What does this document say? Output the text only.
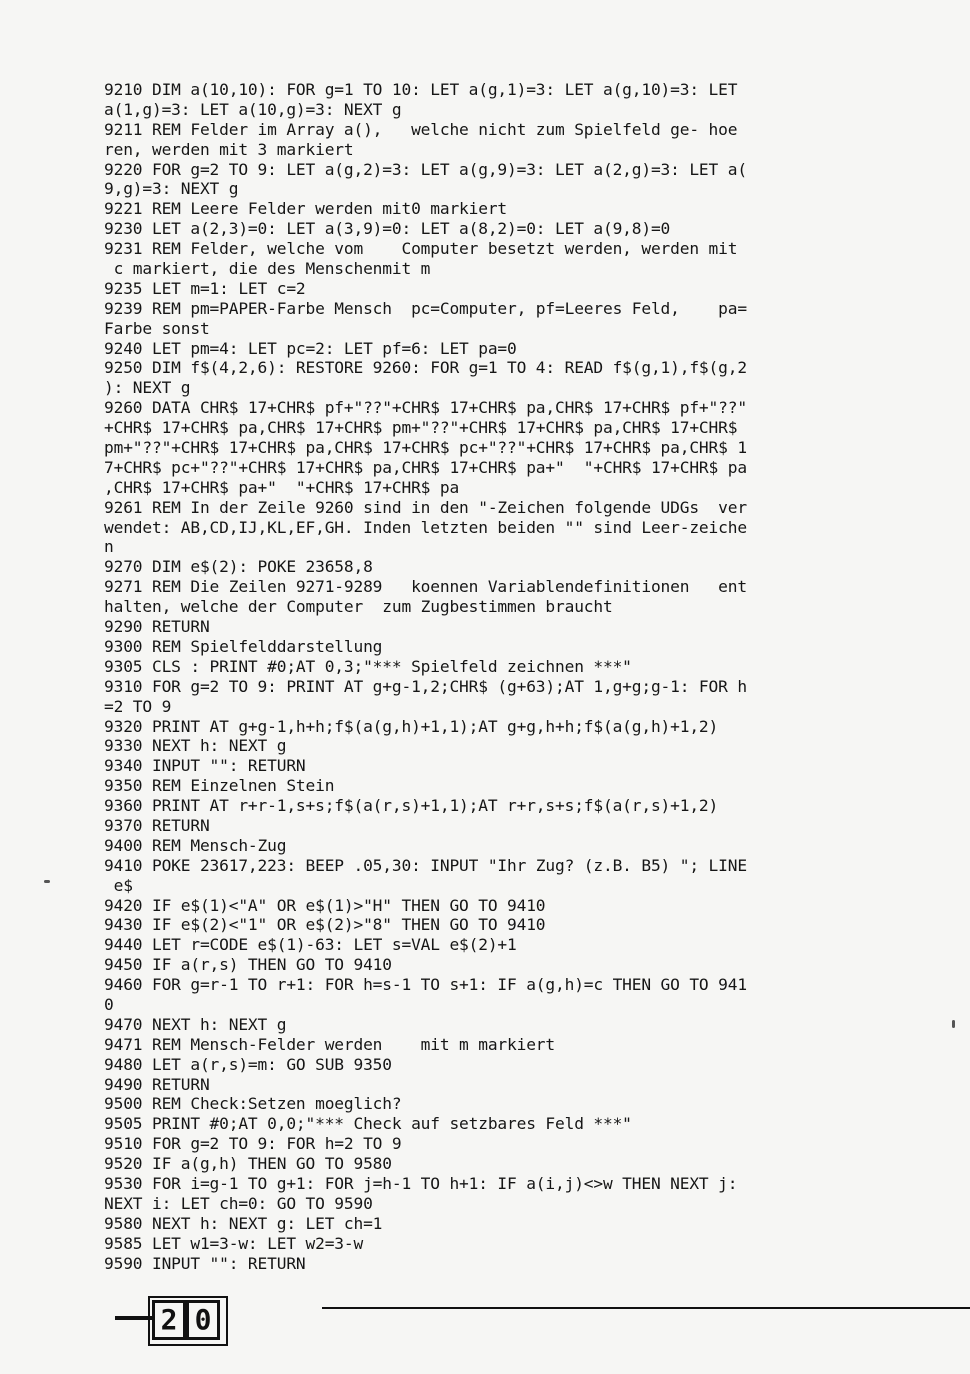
9210 DIM a(10,10): FOR g=1 TO 10: LET a(g,1)=3: LET a(g,10)=3: LET
a(1,g)=3: LET a(10,g)=3: NEXT g
9211 REM Felder im Array a(),   welche nicht zum Spielfeld ge- hoe
ren, werden mit 3 markiert
9220 FOR g=2 TO 9: LET a(g,2)=3: LET a(g,9)=3: LET a(2,g)=3: LET a(
9,g)=3: NEXT g
9221 REM Leere Felder werden mit0 markiert
9230 LET a(2,3)=0: LET a(3,9)=0: LET a(8,2)=0: LET a(9,8)=0
9231 REM Felder, welche vom    Computer besetzt werden, werden mit
c markiert, die des Menschenmit m
9235 LET m=1: LET c=2
9239 REM pm=PAPER-Farbe Mensch  pc=Computer, pf=Leeres Feld,    pa=
Farbe sonst
9240 LET pm=4: LET pc=2: LET pf=6: LET pa=0
9250 DIM f$(4,2,6): RESTORE 9260: FOR g=1 TO 4: READ f$(g,1),f$(g,2
): NEXT g
9260 DATA CHR$ 17+CHR$ pf+"??"+CHR$ 17+CHR$ pa,CHR$ 17+CHR$ pf+"??"
+CHR$ 17+CHR$ pa,CHR$ 17+CHR$ pm+"??"+CHR$ 17+CHR$ pa,CHR$ 17+CHR$
pm+"??"+CHR$ 17+CHR$ pa,CHR$ 17+CHR$ pc+"??"+CHR$ 17+CHR$ pa,CHR$ 1
7+CHR$ pc+"??"+CHR$ 17+CHR$ pa,CHR$ 17+CHR$ pa+"  "+CHR$ 17+CHR$ pa
,CHR$ 17+CHR$ pa+"  "+CHR$ 17+CHR$ pa
9261 REM In der Zeile 9260 sind in den "-Zeichen folgende UDGs  ver
wendet: AB,CD,IJ,KL,EF,GH. Inden letzten beiden "" sind Leer-zeiche
n
9270 DIM e$(2): POKE 23658,8
9271 REM Die Zeilen 9271-9289   koennen Variablendefinitionen   ent
halten, welche der Computer  zum Zugbestimmen braucht
9290 RETURN
9300 REM Spielfelddarstellung
9305 CLS : PRINT #0;AT 0,3;"*** Spielfeld zeichnen ***"
9310 FOR g=2 TO 9: PRINT AT g+g-1,2;CHR$ (g+63);AT 1,g+g;g-1: FOR h
=2 TO 9
9320 PRINT AT g+g-1,h+h;f$(a(g,h)+1,1);AT g+g,h+h;f$(a(g,h)+1,2)
9330 NEXT h: NEXT g
9340 INPUT "": RETURN
9350 REM Einzelnen Stein
9360 PRINT AT r+r-1,s+s;f$(a(r,s)+1,1);AT r+r,s+s;f$(a(r,s)+1,2)
9370 RETURN
9400 REM Mensch-Zug
9410 POKE 23617,223: BEEP .05,30: INPUT "Ihr Zug? (z.B. B5) "; LINE
e$
9420 IF e$(1)<"A" OR e$(1)>"H" THEN GO TO 9410
9430 IF e$(2)<"1" OR e$(2)>"8" THEN GO TO 9410
9440 LET r=CODE e$(1)-63: LET s=VAL e$(2)+1
9450 IF a(r,s) THEN GO TO 9410
9460 FOR g=r-1 TO r+1: FOR h=s-1 TO s+1: IF a(g,h)=c THEN GO TO 941
0
9470 NEXT h: NEXT g
9471 REM Mensch-Felder werden    mit m markiert
9480 LET a(r,s)=m: GO SUB 9350
9490 RETURN
9500 REM Check:Setzen moeglich?
9505 PRINT #0;AT 0,0;"*** Check auf setzbares Feld ***"
9510 FOR g=2 TO 9: FOR h=2 TO 9
9520 IF a(g,h) THEN GO TO 9580
9530 FOR i=g-1 TO g+1: FOR j=h-1 TO h+1: IF a(i,j)<>w THEN NEXT j:
NEXT i: LET ch=0: GO TO 9590
9580 NEXT h: NEXT g: LET ch=1
9585 LET w1=3-w: LET w2=3-w
9590 INPUT "": RETURN
2 0
